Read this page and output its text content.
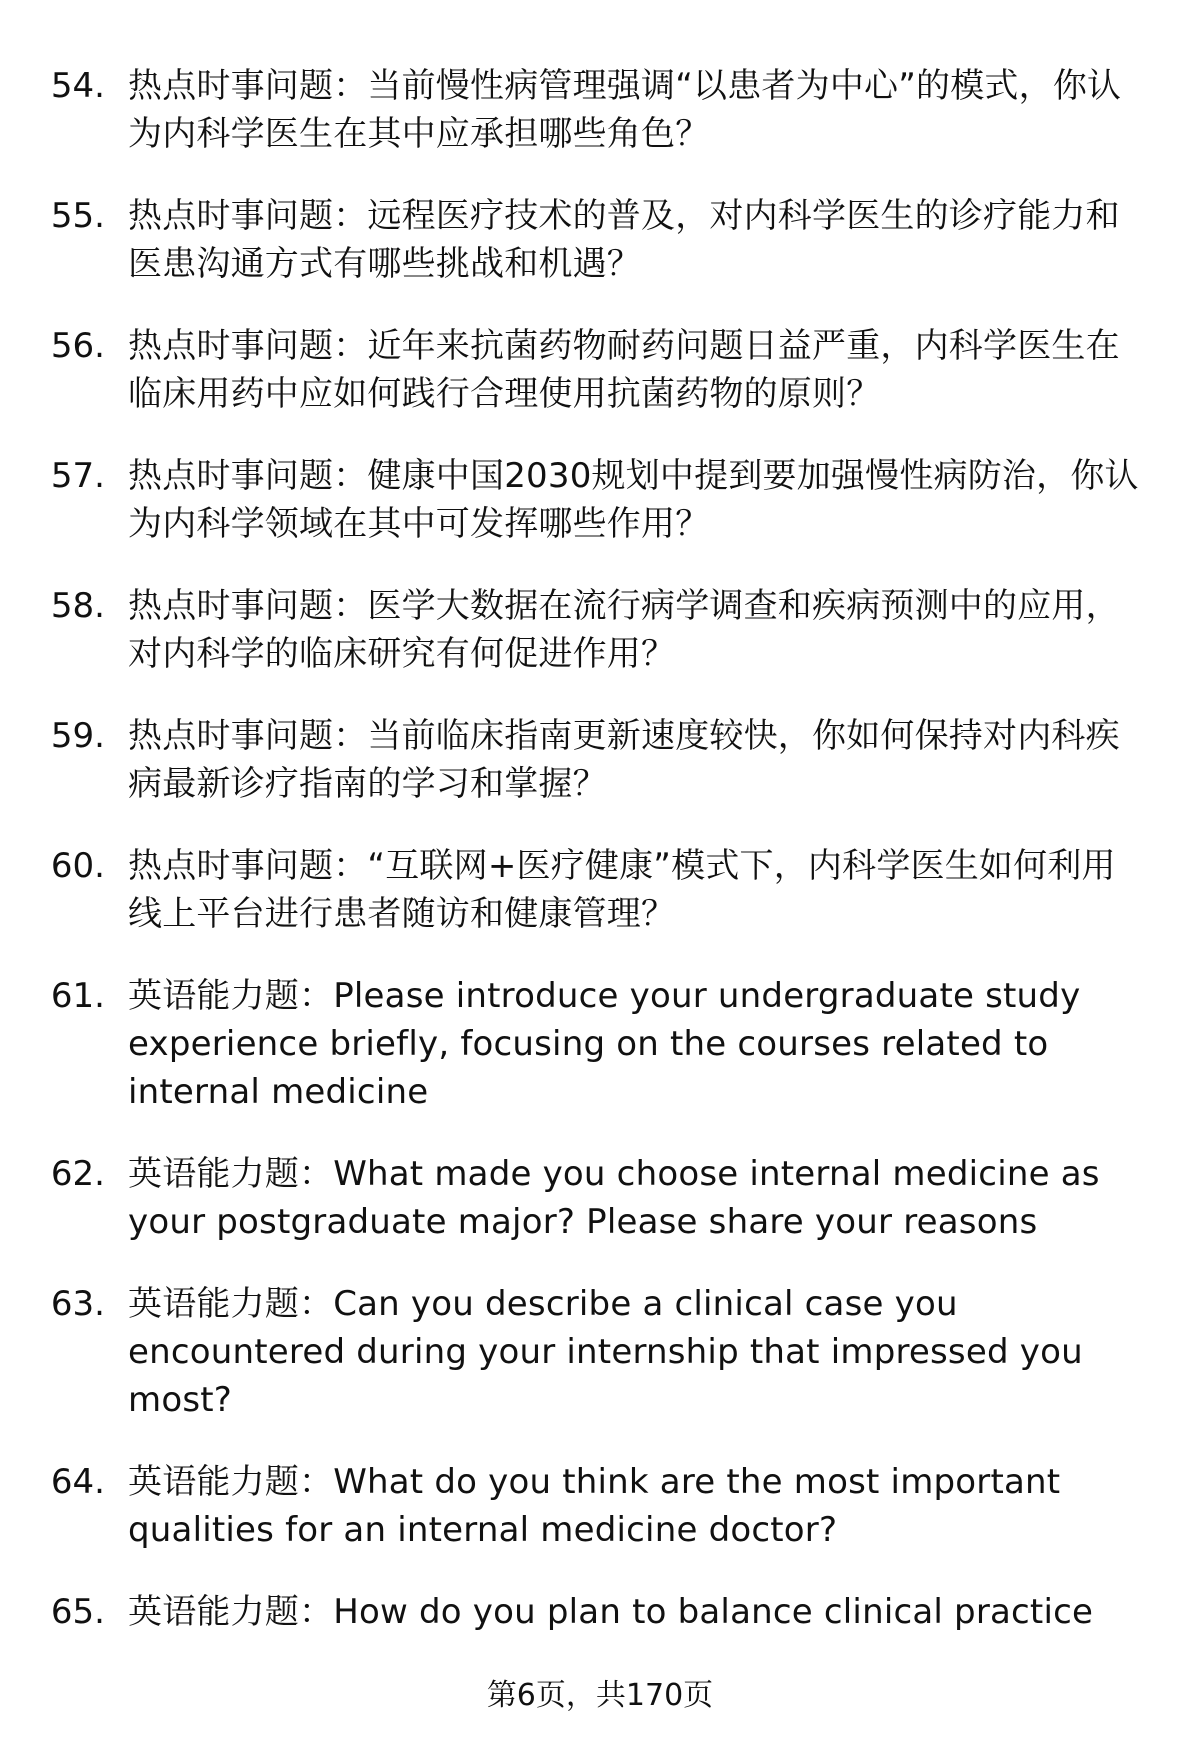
54. 热点时事问题：当前慢性病管理强调“以患者为中心”的模式，你认为内科学医生在其中应承担哪些角色？
55. 热点时事问题：远程医疗技术的普及，对内科学医生的诊疗能力和医患沟通方式有哪些挑战和机遇？
56. 热点时事问题：近年来抗菌药物耐药问题日益严重，内科学医生在临床用药中应如何践行合理使用抗菌药物的原则？
57. 热点时事问题：健康中国2030规划中提到要加强慢性病防治，你认为内科学领域在其中可发挥哪些作用？
58. 热点时事问题：医学大数据在流行病学调查和疾病预测中的应用，对内科学的临床研究有何促进作用？
59. 热点时事问题：当前临床指南更新速度较快，你如何保持对内科疾病最新诊疗指南的学习和掌握？
60. 热点时事问题：“互联网+医疗健康”模式下，内科学医生如何利用线上平台进行患者随访和健康管理？
61. 英语能力题：Please introduce your undergraduate study experience briefly, focusing on the courses related to internal medicine
62. 英语能力题：What made you choose internal medicine as your postgraduate major? Please share your reasons
63. 英语能力题：Can you describe a clinical case you encountered during your internship that impressed you most?
64. 英语能力题：What do you think are the most important qualities for an internal medicine doctor?
65. 英语能力题：How do you plan to balance clinical practice
第6页，共170页
